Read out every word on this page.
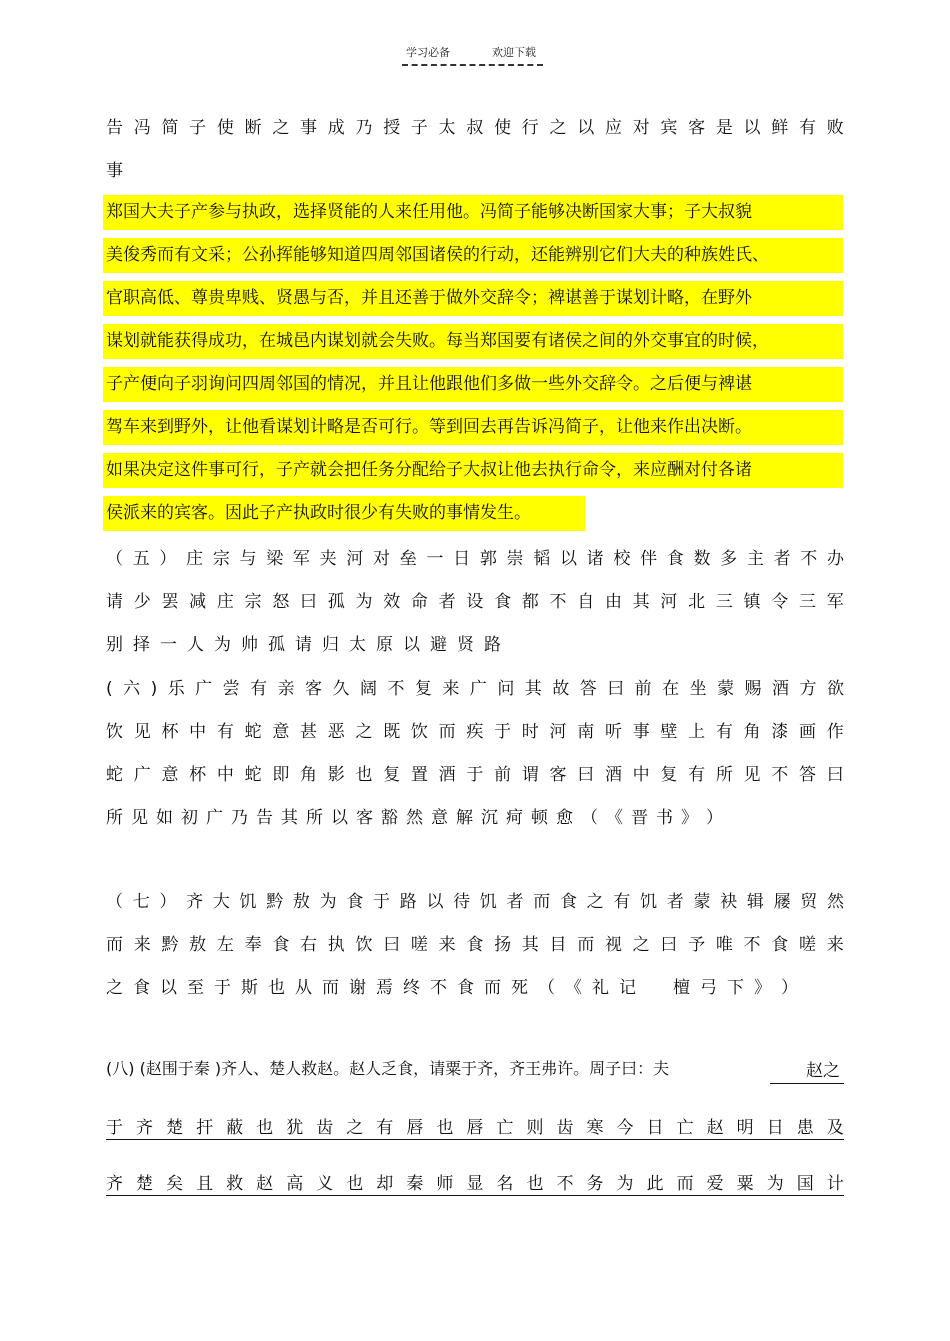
学习必备	欢迎下载
告 冯 简 子 使 断 之 事 成 乃 授 子 太 叔 使 行 之 以 应 对 宾 客 是 以 鲜 有 败
事
郑国大夫子产参与执政，选择贤能的人来任用他。冯简子能够决断国家大事；子大叔貌
美俊秀而有文采；公孙挥能够知道四周邻国诸侯的行动，还能辨别它们大夫的种族姓氏、
官职高低、尊贵卑贱、贤愚与否，并且还善于做外交辞令；裨谌善于谋划计略，在野外
谋划就能获得成功，在城邑内谋划就会失败。每当郑国要有诸侯之间的外交事宜的时候，
子产便向子羽询问四周邻国的情况，并且让他跟他们多做一些外交辞令。之后便与裨谌
驾车来到野外，让他看谋划计略是否可行。等到回去再告诉冯简子，让他来作出决断。
如果决定这件事可行，子产就会把任务分配给子大叔让他去执行命令，来应酬对付各诸
侯派来的宾客。因此子产执政时很少有失败的事情发生。
（ 五 ） 庄 宗 与 梁 军 夹 河 对 垒 一 日 郭 崇 韬 以 诸 校 伴 食 数 多 主 者 不 办
请 少 罢 减 庄 宗 怒 曰 孤 为 效 命 者 设 食 都 不 自 由 其 河 北 三 镇 令 三 军
别 择 一 人 为 帅 孤 请 归 太 原 以 避 贤 路
( 六 ) 乐 广 尝 有 亲 客 久 阔 不 复 来 广 问 其 故 答 曰 前 在 坐 蒙 赐 酒 方 欲
饮 见 杯 中 有 蛇 意 甚 恶 之 既 饮 而 疾 于 时 河 南 听 事 壁 上 有 角 漆 画 作
蛇 广 意 杯 中 蛇 即 角 影 也 复 置 酒 于 前 谓 客 曰 酒 中 复 有 所 见 不 答 曰
所 见 如 初 广 乃 告 其 所 以 客 豁 然 意 解 沉 疴 顿 愈 （ 《 晋 书 》 ）
（ 七 ） 齐 大 饥 黔 敖 为 食 于 路 以 待 饥 者 而 食 之 有 饥 者 蒙 袂 辑 屦 贸 然
而 来 黔 敖 左 奉 食 右 执 饮 曰 嗟 来 食 扬 其 目 而 视 之 曰 予 唯 不 食 嗟 来
之 食 以 至 于 斯 也 从 而 谢 焉 终 不 食 而 死 （ 《 礼 记
　 檀 弓 下 》 ）
(八) (赵围于秦 )齐人、楚人救赵。赵人乏食，请粟于齐，齐王弗许。周子曰：夫	赵 之
于 齐 楚 扞 蔽 也 犹 齿 之 有 唇 也 唇 亡 则 齿 寒 今 日 亡 赵 明 日 患 及
齐 楚 矣 且 救 赵 高 义 也 却 秦 师 显 名 也 不 务 为 此 而 爱 粟 为 国 计
